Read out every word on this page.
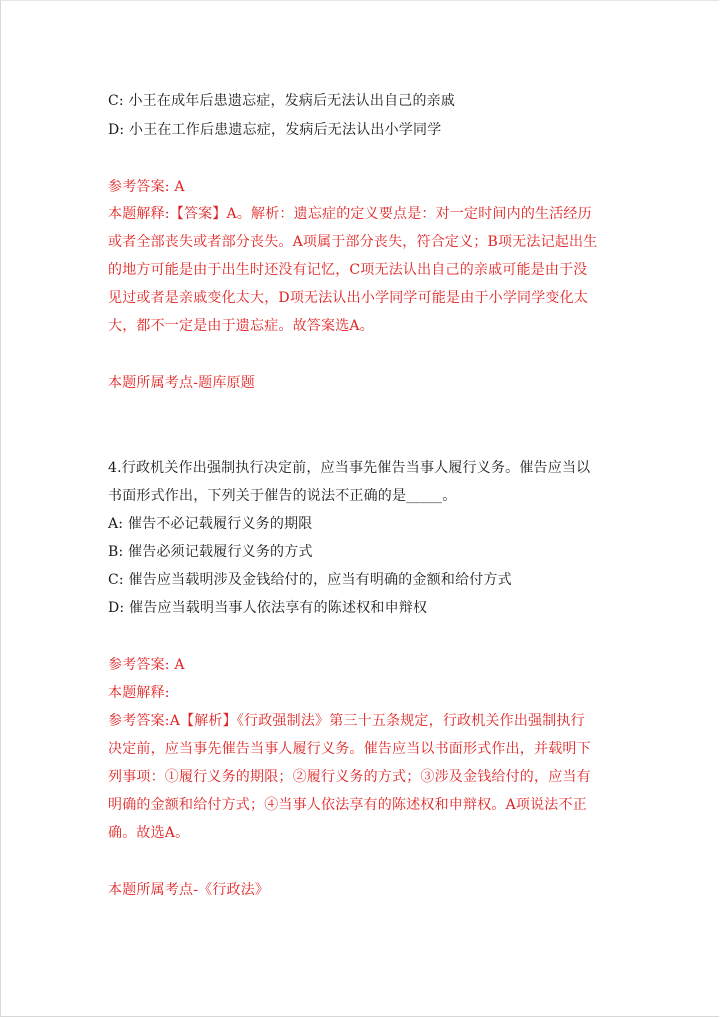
C: 小王在成年后患遗忘症，发病后无法认出自己的亲戚
D: 小王在工作后患遗忘症，发病后无法认出小学同学
参考答案: A
本题解释:【答案】A。解析：遗忘症的定义要点是：对一定时间内的生活经历
或者全部丧失或者部分丧失。A项属于部分丧失，符合定义；B项无法记起出生
的地方可能是由于出生时还没有记忆，C项无法认出自己的亲戚可能是由于没
见过或者是亲戚变化太大，D项无法认出小学同学可能是由于小学同学变化太
大，都不一定是由于遗忘症。故答案选A。
本题所属考点-题库原题
4.行政机关作出强制执行决定前，应当事先催告当事人履行义务。催告应当以
书面形式作出，下列关于催告的说法不正确的是_____。
A: 催告不必记载履行义务的期限
B: 催告必须记载履行义务的方式
C: 催告应当载明涉及金钱给付的，应当有明确的金额和给付方式
D: 催告应当载明当事人依法享有的陈述权和申辩权
参考答案: A
本题解释:
参考答案:A【解析】《行政强制法》第三十五条规定，行政机关作出强制执行
决定前，应当事先催告当事人履行义务。催告应当以书面形式作出，并载明下
列事项：①履行义务的期限；②履行义务的方式；③涉及金钱给付的，应当有
明确的金额和给付方式；④当事人依法享有的陈述权和申辩权。A项说法不正
确。故选A。
本题所属考点-《行政法》
